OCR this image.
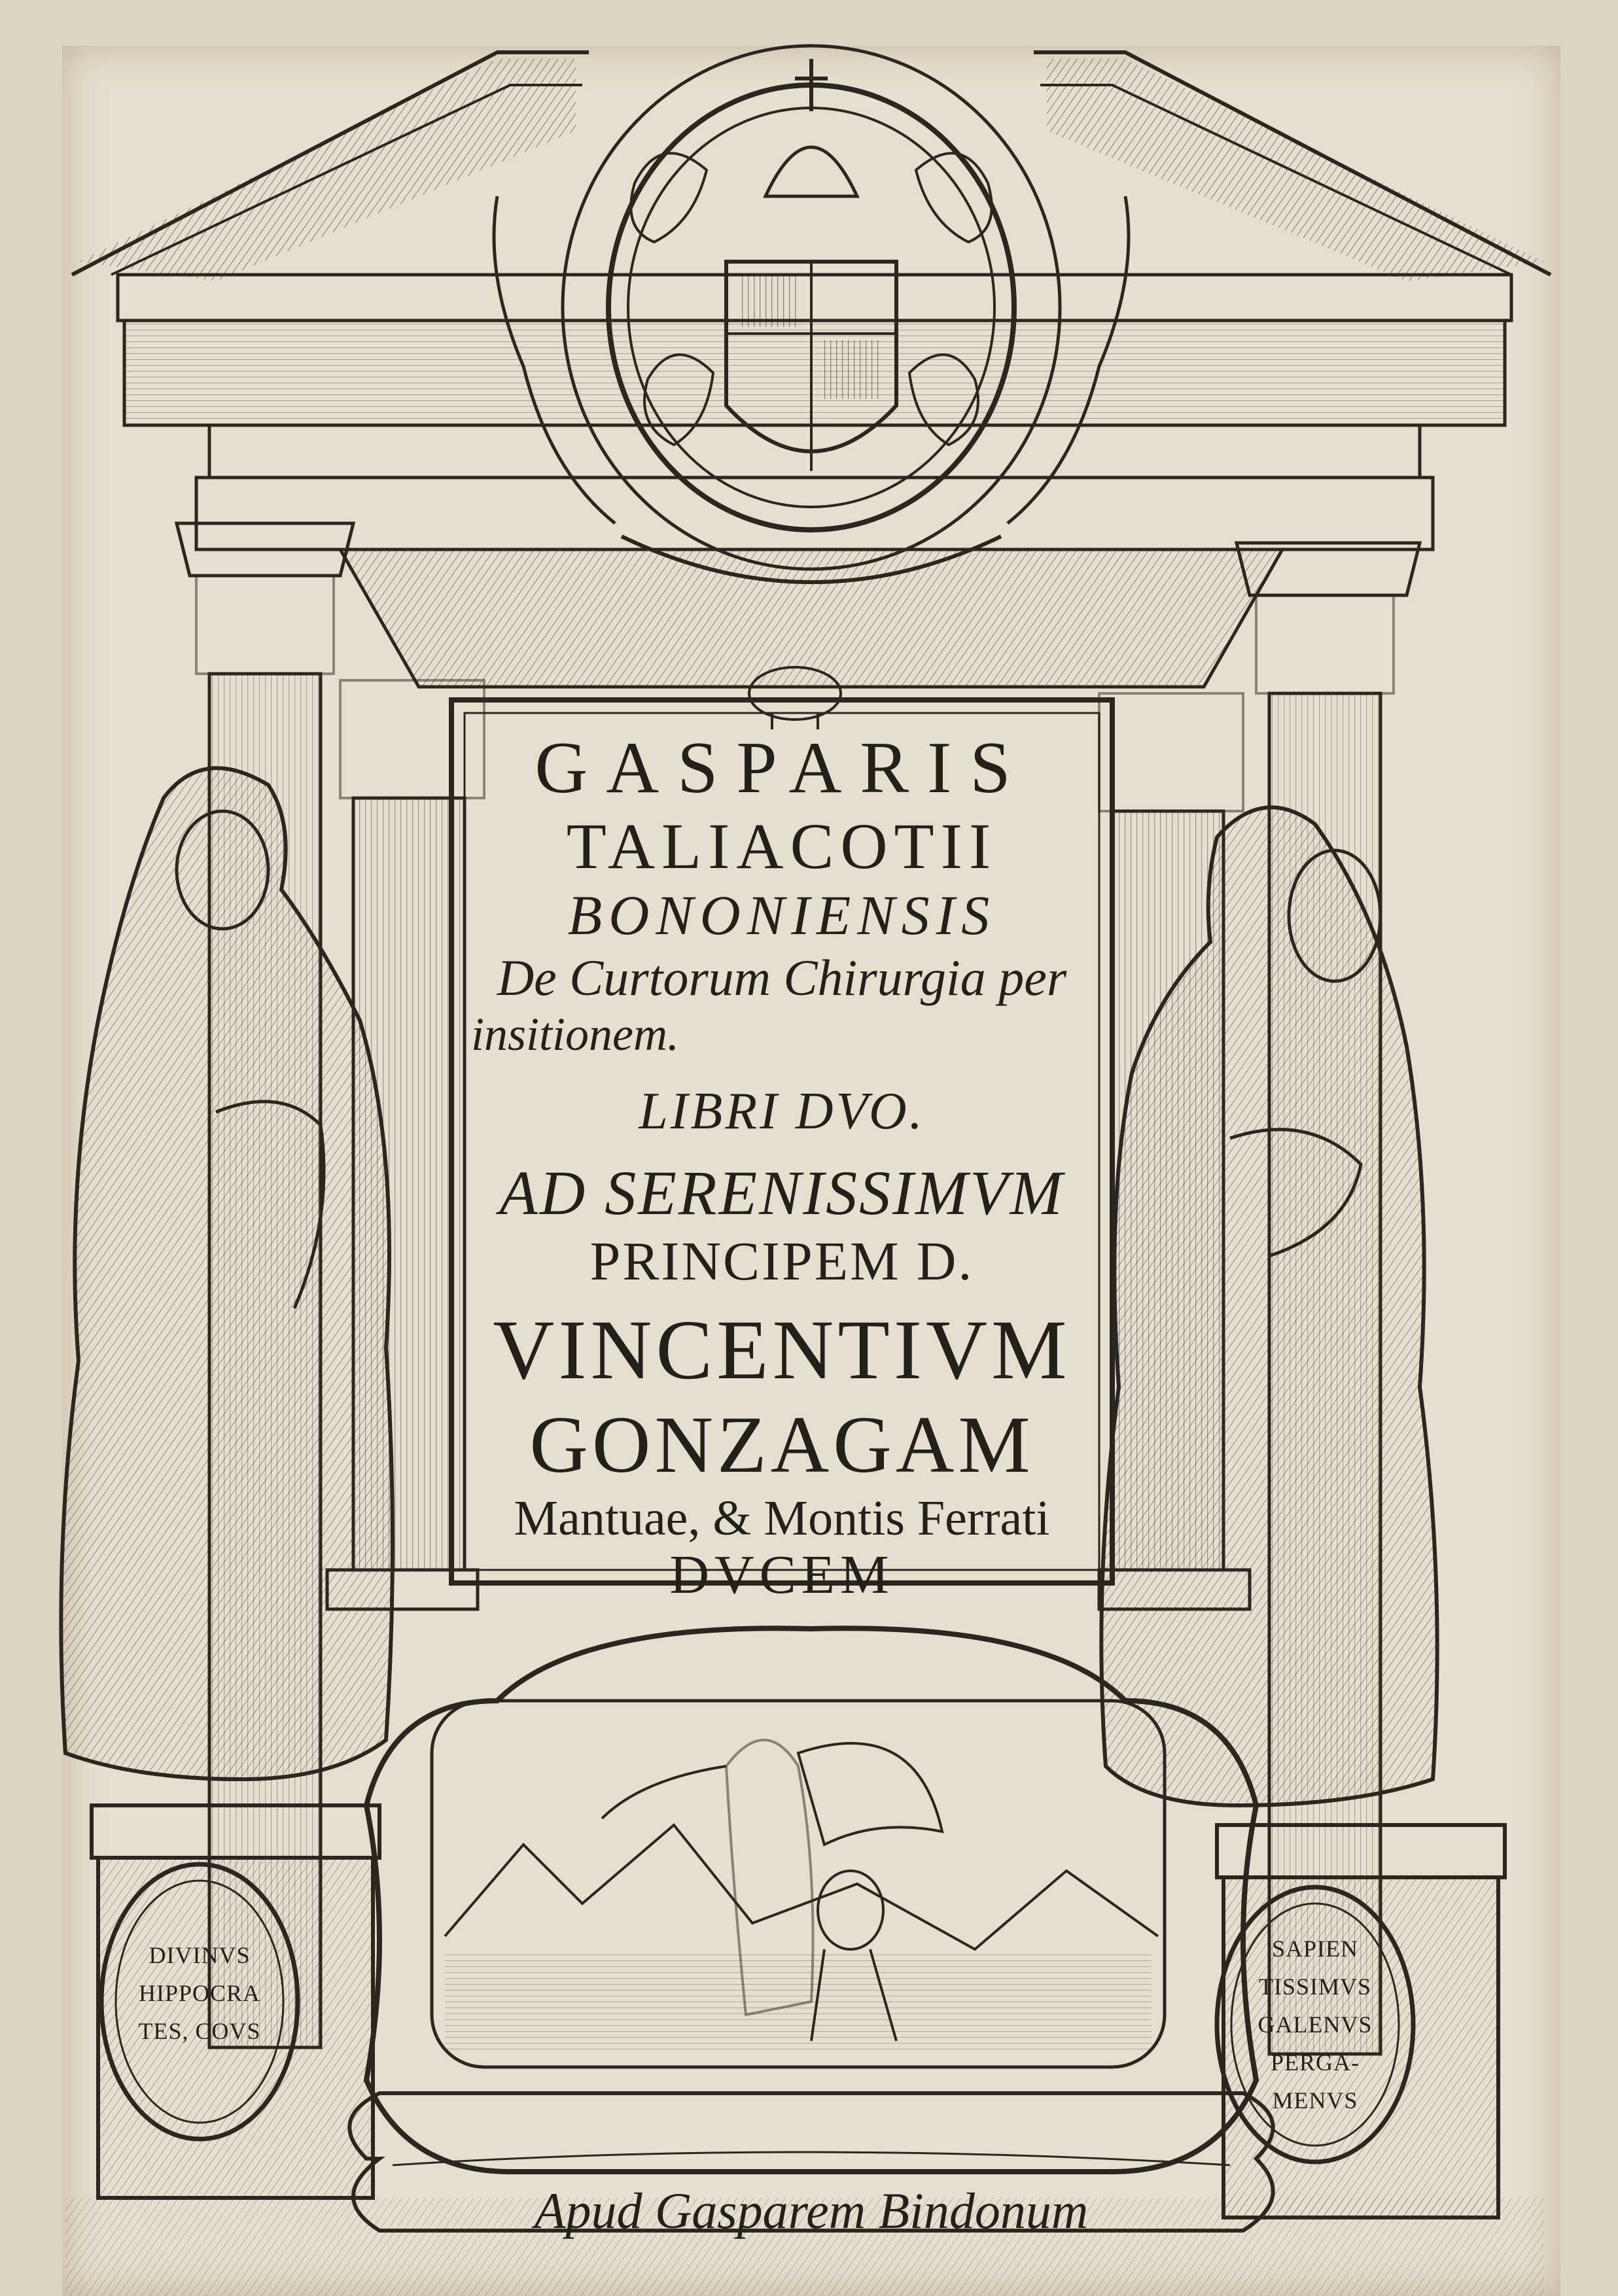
GASPARIS
TALIACOTII
BONONIENSIS
De Curtorum Chirurgia per
insitionem.
LIBRI DVO.
AD SERENISSIMVM
PRINCIPEM D.
VINCENTIVM
GONZAGAM
Mantuae, & Montis Ferrati
DVCEM
DIVINVS
HIPPOCRA
TES, COVS
SAPIEN
TISSIMVS
GALENVS
PERGA-
MENVS
Apud Gasparem Bindonum
